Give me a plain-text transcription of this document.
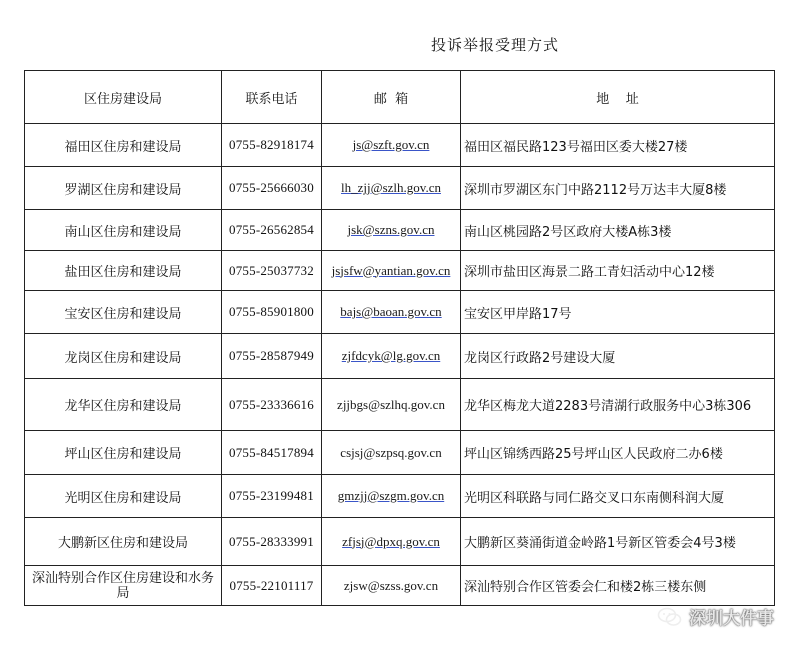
投诉举报受理方式
区住房建设局	联系电话	邮  箱	地    址
福田区住房和建设局	0755-82918174	js@szft.gov.cn	福田区福民路123号福田区委大楼27楼
罗湖区住房和建设局	0755-25666030	lh_zjj@szlh.gov.cn	深圳市罗湖区东门中路2112号万达丰大厦8楼
南山区住房和建设局	0755-26562854	jsk@szns.gov.cn	南山区桃园路2号区政府大楼A栋3楼
盐田区住房和建设局	0755-25037732	jsjsfw@yantian.gov.cn	深圳市盐田区海景二路工青妇活动中心12楼
宝安区住房和建设局	0755-85901800	bajs@baoan.gov.cn	宝安区甲岸路17号
龙岗区住房和建设局	0755-28587949	zjfdcyk@lg.gov.cn	龙岗区行政路2号建设大厦
龙华区住房和建设局	0755-23336616	zjjbgs@szlhq.gov.cn	龙华区梅龙大道2283号清湖行政服务中心3栋306
坪山区住房和建设局	0755-84517894	csjsj@szpsq.gov.cn	坪山区锦绣西路25号坪山区人民政府二办6楼
光明区住房和建设局	0755-23199481	gmzjj@szgm.gov.cn	光明区科联路与同仁路交叉口东南侧科润大厦
大鹏新区住房和建设局	0755-28333991	zfjsj@dpxq.gov.cn	大鹏新区葵涌街道金岭路1号新区管委会4号3楼
深汕特别合作区住房建设和水务局	0755-22101117	zjsw@szss.gov.cn	深汕特别合作区管委会仁和楼2栋三楼东侧
深圳大件事
